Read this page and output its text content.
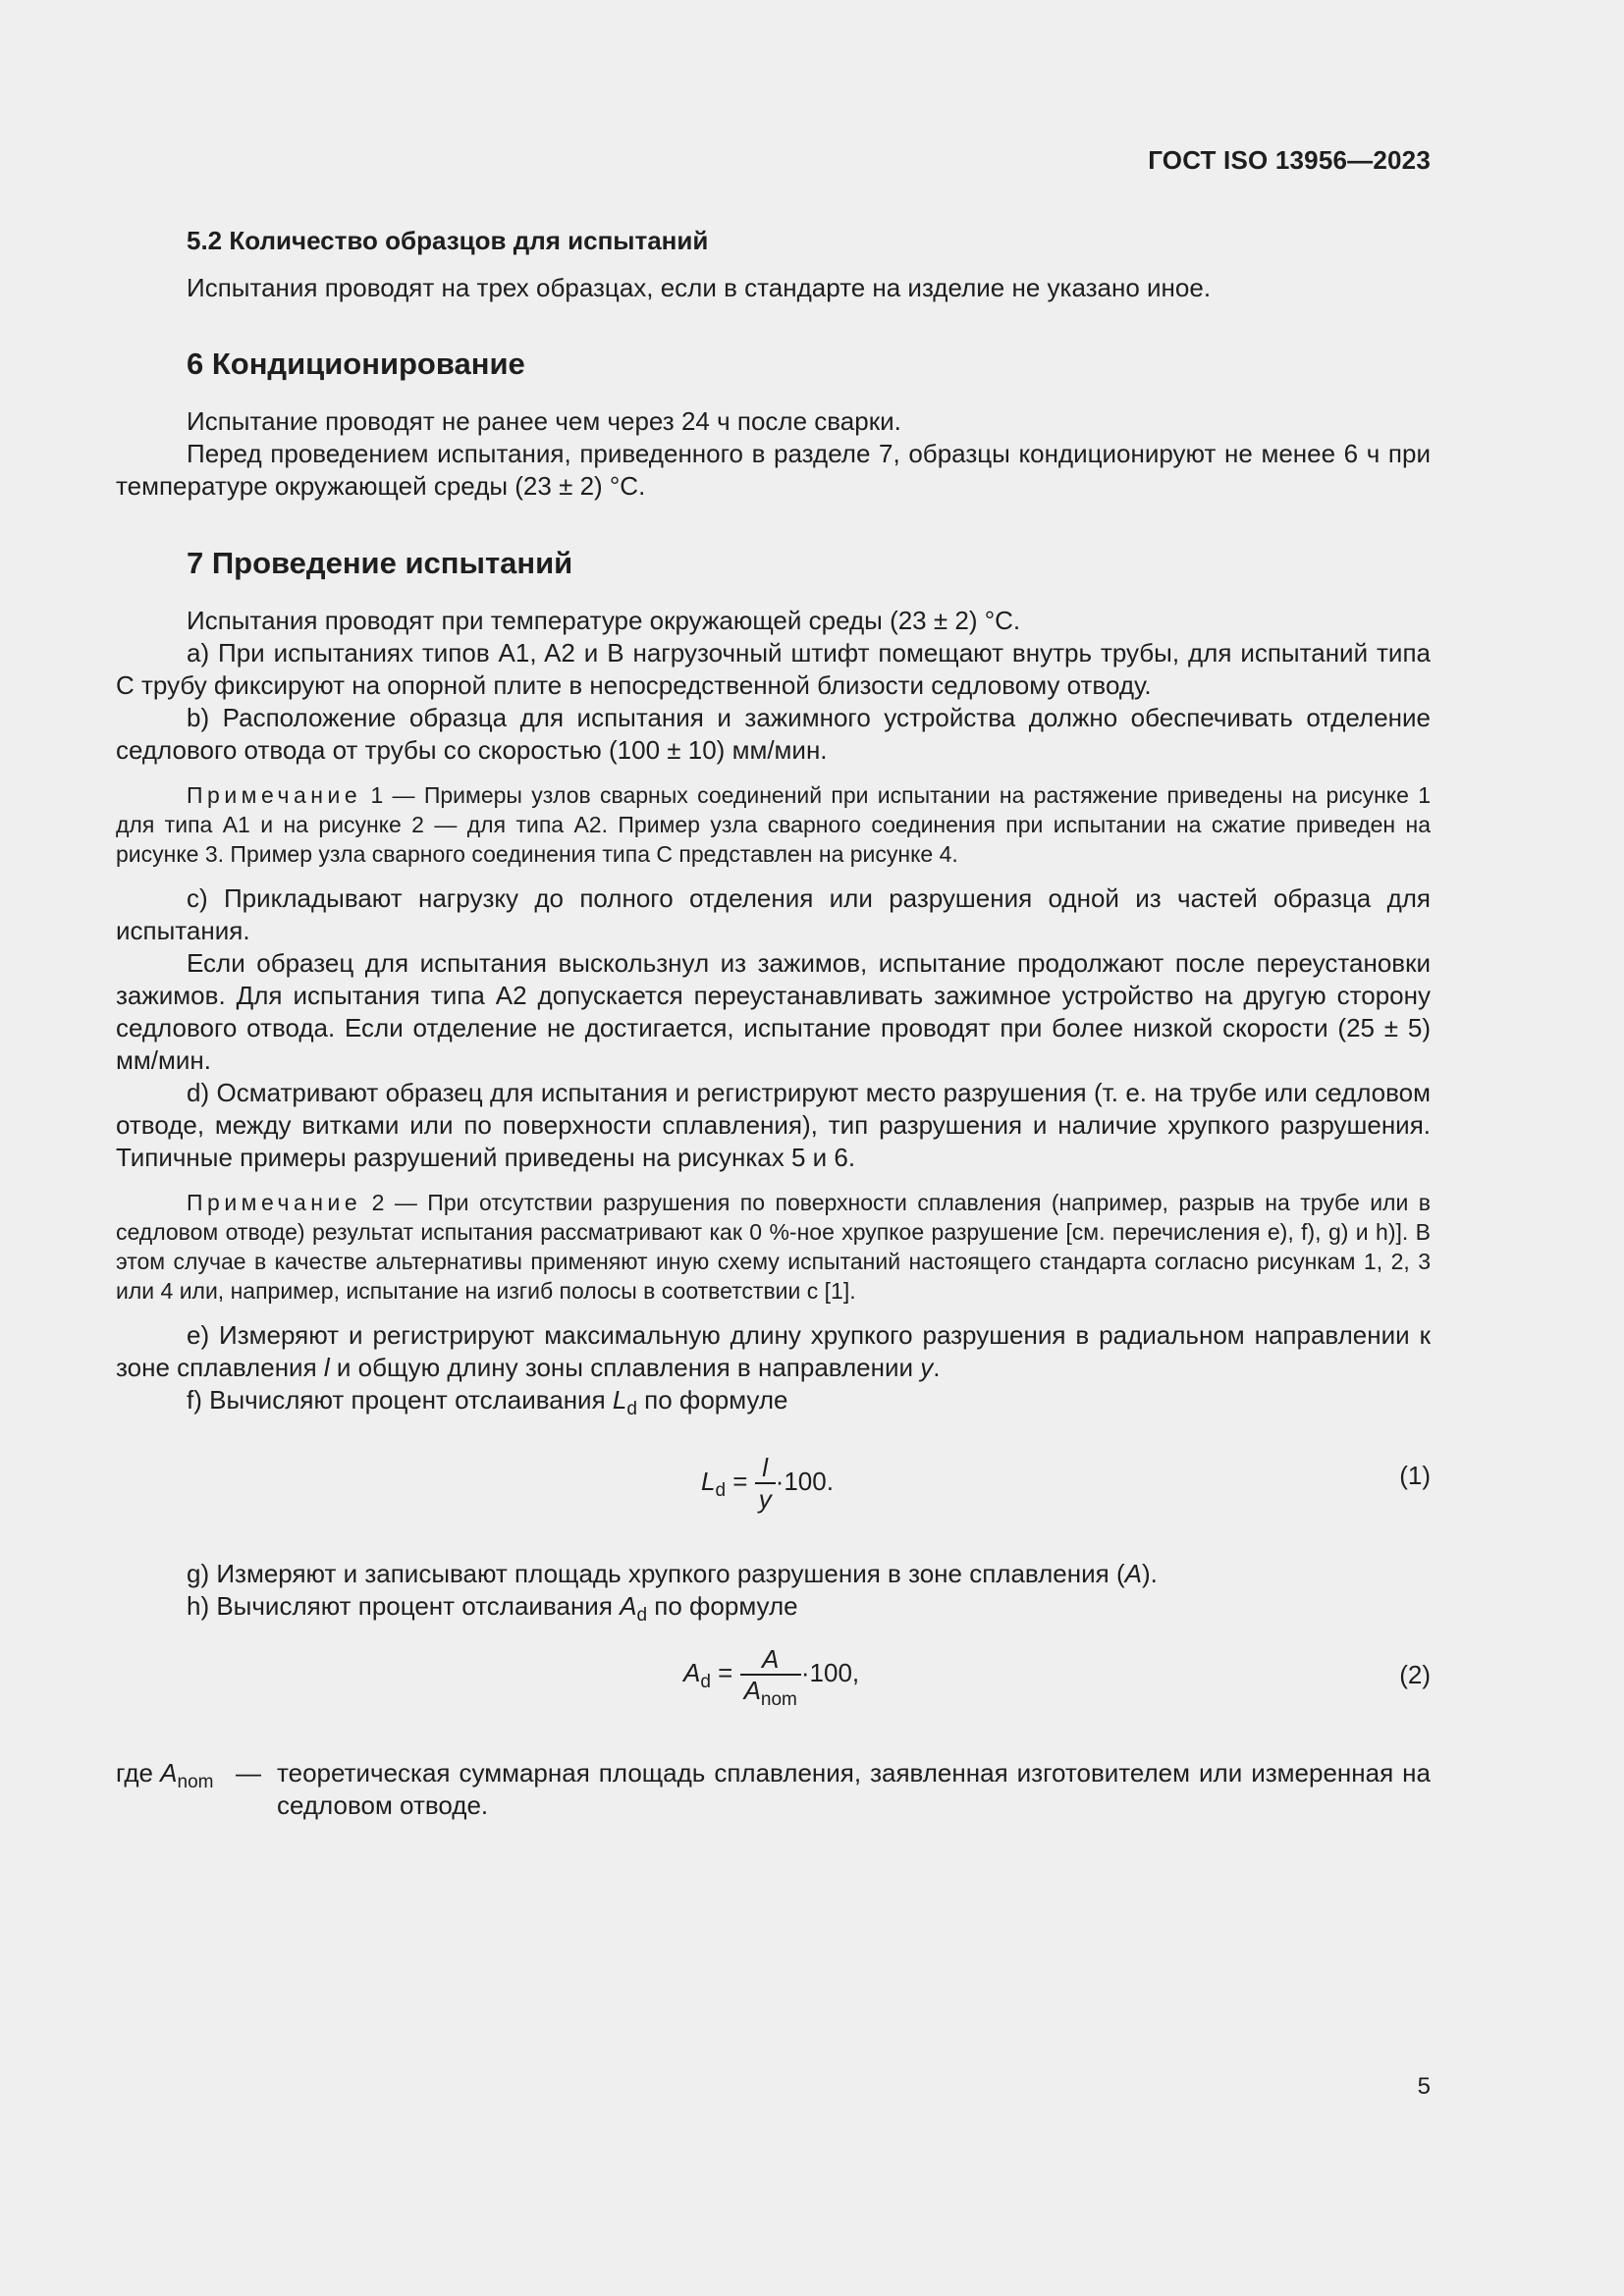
ГОСТ ISO 13956—2023
5.2 Количество образцов для испытаний

Испытания проводят на трех образцах, если в стандарте на изделие не указано иное.

6 Кондиционирование

Испытание проводят не ранее чем через 24 ч после сварки.

Перед проведением испытания, приведенного в разделе 7, образцы кондиционируют не менее 6 ч при температуре окружающей среды (23 ± 2) °C.

7 Проведение испытаний

Испытания проводят при температуре окружающей среды (23 ± 2) °C.

a) При испытаниях типов A1, A2 и B нагрузочный штифт помещают внутрь трубы, для испытаний типа C трубу фиксируют на опорной плите в непосредственной близости седловому отводу.

b) Расположение образца для испытания и зажимного устройства должно обеспечивать отделение седлового отвода от трубы со скоростью (100 ± 10) мм/мин.

Примечание 1 — Примеры узлов сварных соединений при испытании на растяжение приведены на рисунке 1 для типа A1 и на рисунке 2 — для типа A2. Пример узла сварного соединения при испытании на сжатие приведен на рисунке 3. Пример узла сварного соединения типа C представлен на рисунке 4.

c) Прикладывают нагрузку до полного отделения или разрушения одной из частей образца для испытания.

Если образец для испытания выскользнул из зажимов, испытание продолжают после переустановки зажимов. Для испытания типа A2 допускается переустанавливать зажимное устройство на другую сторону седлового отвода. Если отделение не достигается, испытание проводят при более низкой скорости (25 ± 5) мм/мин.

d) Осматривают образец для испытания и регистрируют место разрушения (т. е. на трубе или седловом отводе, между витками или по поверхности сплавления), тип разрушения и наличие хрупкого разрушения. Типичные примеры разрушений приведены на рисунках 5 и 6.

Примечание 2 — При отсутствии разрушения по поверхности сплавления (например, разрыв на трубе или в седловом отводе) результат испытания рассматривают как 0 %-ное хрупкое разрушение [см. перечисления e), f), g) и h)]. В этом случае в качестве альтернативы применяют иную схему испытаний настоящего стандарта согласно рисункам 1, 2, 3 или 4 или, например, испытание на изгиб полосы в соответствии с [1].

e) Измеряют и регистрируют максимальную длину хрупкого разрушения в радиальном направлении к зоне сплавления l и общую длину зоны сплавления в направлении y.

f) Вычисляют процент отслаивания $L_d$ по формуле

$L_d = \frac{l}{y} \cdot 100$.	(1)

g) Измеряют и записывают площадь хрупкого разрушения в зоне сплавления (A).

h) Вычисляют процент отслаивания $A_d$ по формуле

$A_d = \frac{A}{A_{nom}} \cdot 100$,	(2)
где $A_{nom}$ — теоретическая суммарная площадь сплавления, заявленная изготовителем или измеренная на седловом отводе.
5
